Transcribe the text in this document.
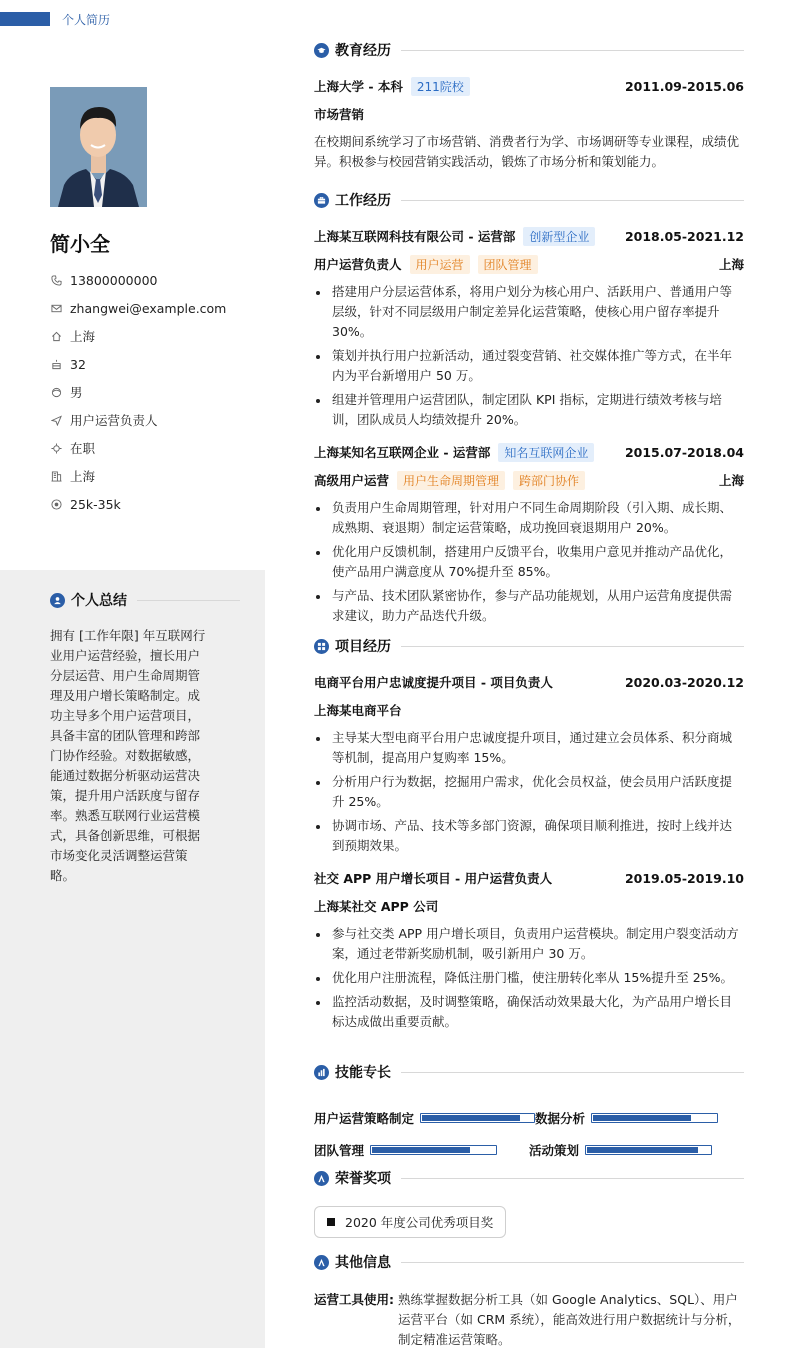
个人简历
简小全
13800000000
zhangwei@example.com
上海
32
男
用户运营负责人
在职
上海
25k-35k
个人总结
拥有 [工作年限] 年互联网行业用户运营经验，擅长用户分层运营、用户生命周期管理及用户增长策略制定。成功主导多个用户运营项目，具备丰富的团队管理和跨部门协作经验。对数据敏感，能通过数据分析驱动运营决策，提升用户活跃度与留存率。熟悉互联网行业运营模式，具备创新思维，可根据市场变化灵活调整运营策略。
教育经历
上海大学 - 本科	211院校	2011.09-2015.06
市场营销
在校期间系统学习了市场营销、消费者行为学、市场调研等专业课程，成绩优异。积极参与校园营销实践活动，锻炼了市场分析和策划能力。
工作经历
上海某互联网科技有限公司 - 运营部	创新型企业	2018.05-2021.12
用户运营负责人	用户运营	团队管理	上海
搭建用户分层运营体系，将用户划分为核心用户、活跃用户、普通用户等层级，针对不同层级用户制定差异化运营策略，使核心用户留存率提升 30%。
策划并执行用户拉新活动，通过裂变营销、社交媒体推广等方式，在半年内为平台新增用户 50 万。
组建并管理用户运营团队，制定团队 KPI 指标，定期进行绩效考核与培训，团队成员人均绩效提升 20%。
上海某知名互联网企业 - 运营部	知名互联网企业	2015.07-2018.04
高级用户运营	用户生命周期管理	跨部门协作	上海
负责用户生命周期管理，针对用户不同生命周期阶段（引入期、成长期、成熟期、衰退期）制定运营策略，成功挽回衰退期用户 20%。
优化用户反馈机制，搭建用户反馈平台，收集用户意见并推动产品优化，使产品用户满意度从 70%提升至 85%。
与产品、技术团队紧密协作，参与产品功能规划，从用户运营角度提供需求建议，助力产品迭代升级。
项目经历
电商平台用户忠诚度提升项目 - 项目负责人	2020.03-2020.12
上海某电商平台
主导某大型电商平台用户忠诚度提升项目，通过建立会员体系、积分商城等机制，提高用户复购率 15%。
分析用户行为数据，挖掘用户需求，优化会员权益，使会员用户活跃度提升 25%。
协调市场、产品、技术等多部门资源，确保项目顺利推进，按时上线并达到预期效果。
社交 APP 用户增长项目 - 用户运营负责人	2019.05-2019.10
上海某社交 APP 公司
参与社交类 APP 用户增长项目，负责用户运营模块。制定用户裂变活动方案，通过老带新奖励机制，吸引新用户 30 万。
优化用户注册流程，降低注册门槛，使注册转化率从 15%提升至 25%。
监控活动数据，及时调整策略，确保活动效果最大化，为产品用户增长目标达成做出重要贡献。
技能专长
用户运营策略制定	数据分析
团队管理	活动策划
荣誉奖项
2020 年度公司优秀项目奖
其他信息
运营工具使用: 熟练掌握数据分析工具（如 Google Analytics、SQL）、用户运营平台（如 CRM 系统），能高效进行用户数据统计与分析，制定精准运营策略。
